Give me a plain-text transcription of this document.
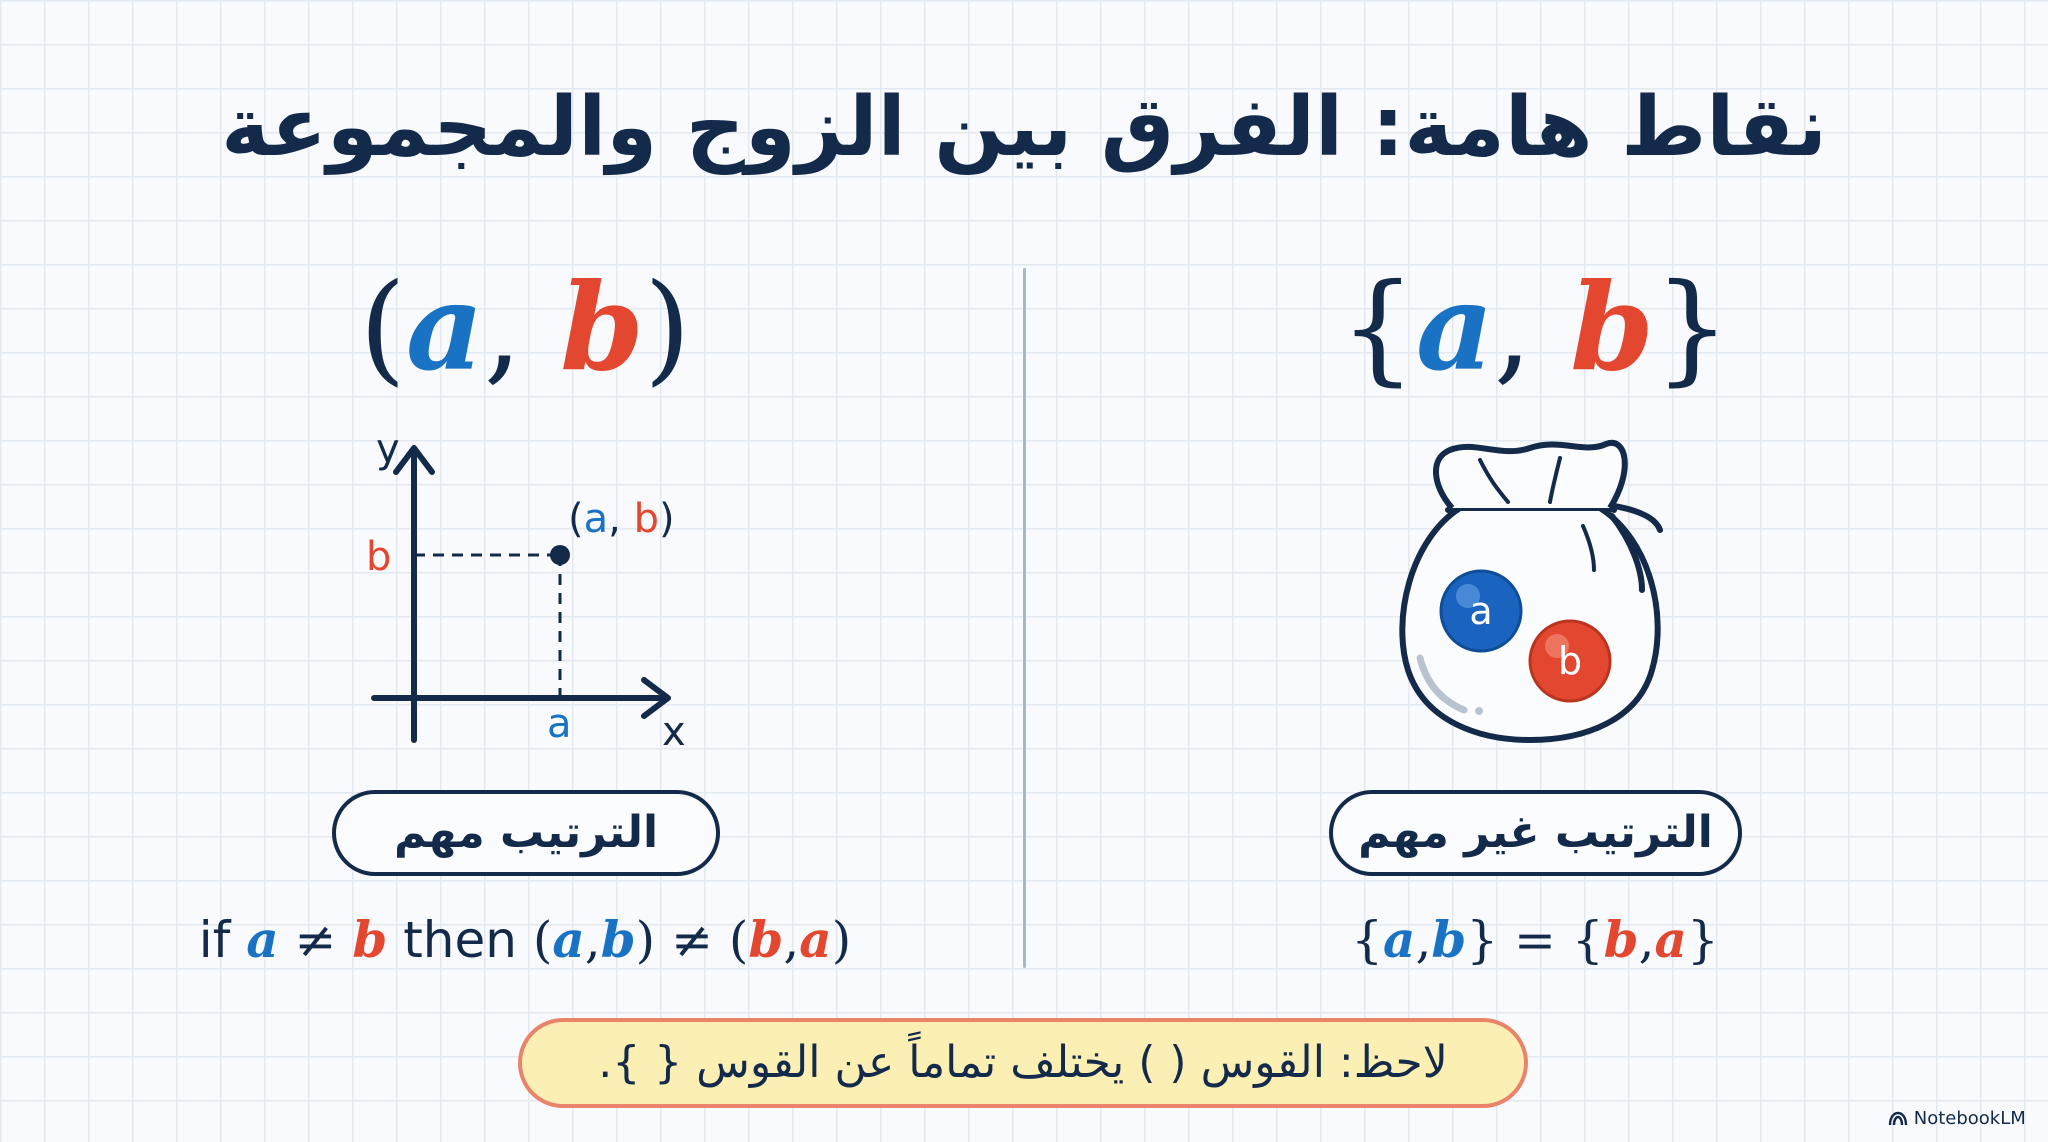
نقاط هامة: الفرق بين الزوج والمجموعة
(a, b)
y
x
b
a
(a, b)
الترتيب مهم
if a ≠ b then (a,b) ≠ (b,a)
{a, b}
a
b
الترتيب غير مهم
{a,b} = {b,a}
لاحظ: القوس ( ) يختلف تماماً عن القوس { }.
NotebookLM
